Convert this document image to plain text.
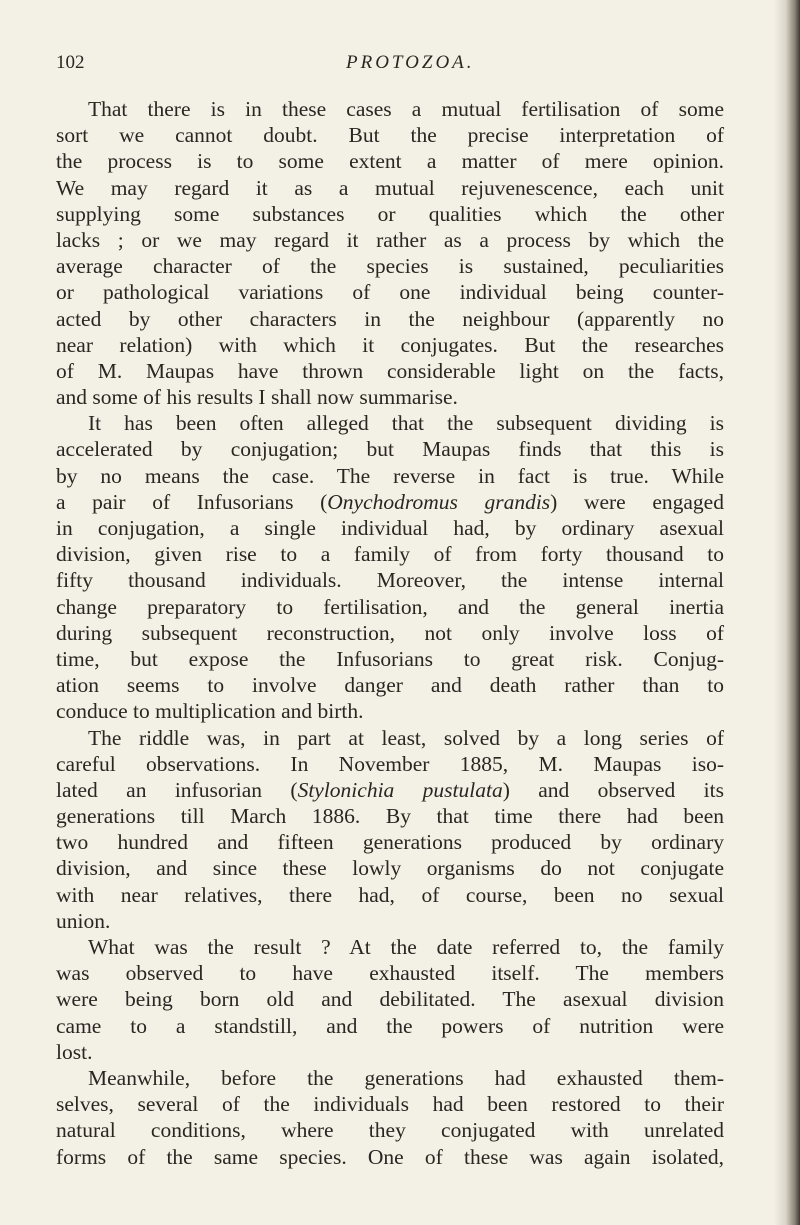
102	PROTOZOA.
That there is in these cases a mutual fertilisation of some
sort we cannot doubt. But the precise interpretation of
the process is to some extent a matter of mere opinion.
We may regard it as a mutual rejuvenescence, each unit
supplying some substances or qualities which the other
lacks ; or we may regard it rather as a process by which the
average character of the species is sustained, peculiarities
or pathological variations of one individual being counter-
acted by other characters in the neighbour (apparently no
near relation) with which it conjugates. But the researches
of M. Maupas have thrown considerable light on the facts,
and some of his results I shall now summarise.
It has been often alleged that the subsequent dividing is
accelerated by conjugation; but Maupas finds that this is
by no means the case. The reverse in fact is true. While
a pair of Infusorians (Onychodromus grandis) were engaged
in conjugation, a single individual had, by ordinary asexual
division, given rise to a family of from forty thousand to
fifty thousand individuals. Moreover, the intense internal
change preparatory to fertilisation, and the general inertia
during subsequent reconstruction, not only involve loss of
time, but expose the Infusorians to great risk. Conjug-
ation seems to involve danger and death rather than to
conduce to multiplication and birth.
The riddle was, in part at least, solved by a long series of
careful observations. In November 1885, M. Maupas iso-
lated an infusorian (Stylonichia pustulata) and observed its
generations till March 1886. By that time there had been
two hundred and fifteen generations produced by ordinary
division, and since these lowly organisms do not conjugate
with near relatives, there had, of course, been no sexual
union.
What was the result ? At the date referred to, the family
was observed to have exhausted itself. The members
were being born old and debilitated. The asexual division
came to a standstill, and the powers of nutrition were
lost.
Meanwhile, before the generations had exhausted them-
selves, several of the individuals had been restored to their
natural conditions, where they conjugated with unrelated
forms of the same species. One of these was again isolated,
